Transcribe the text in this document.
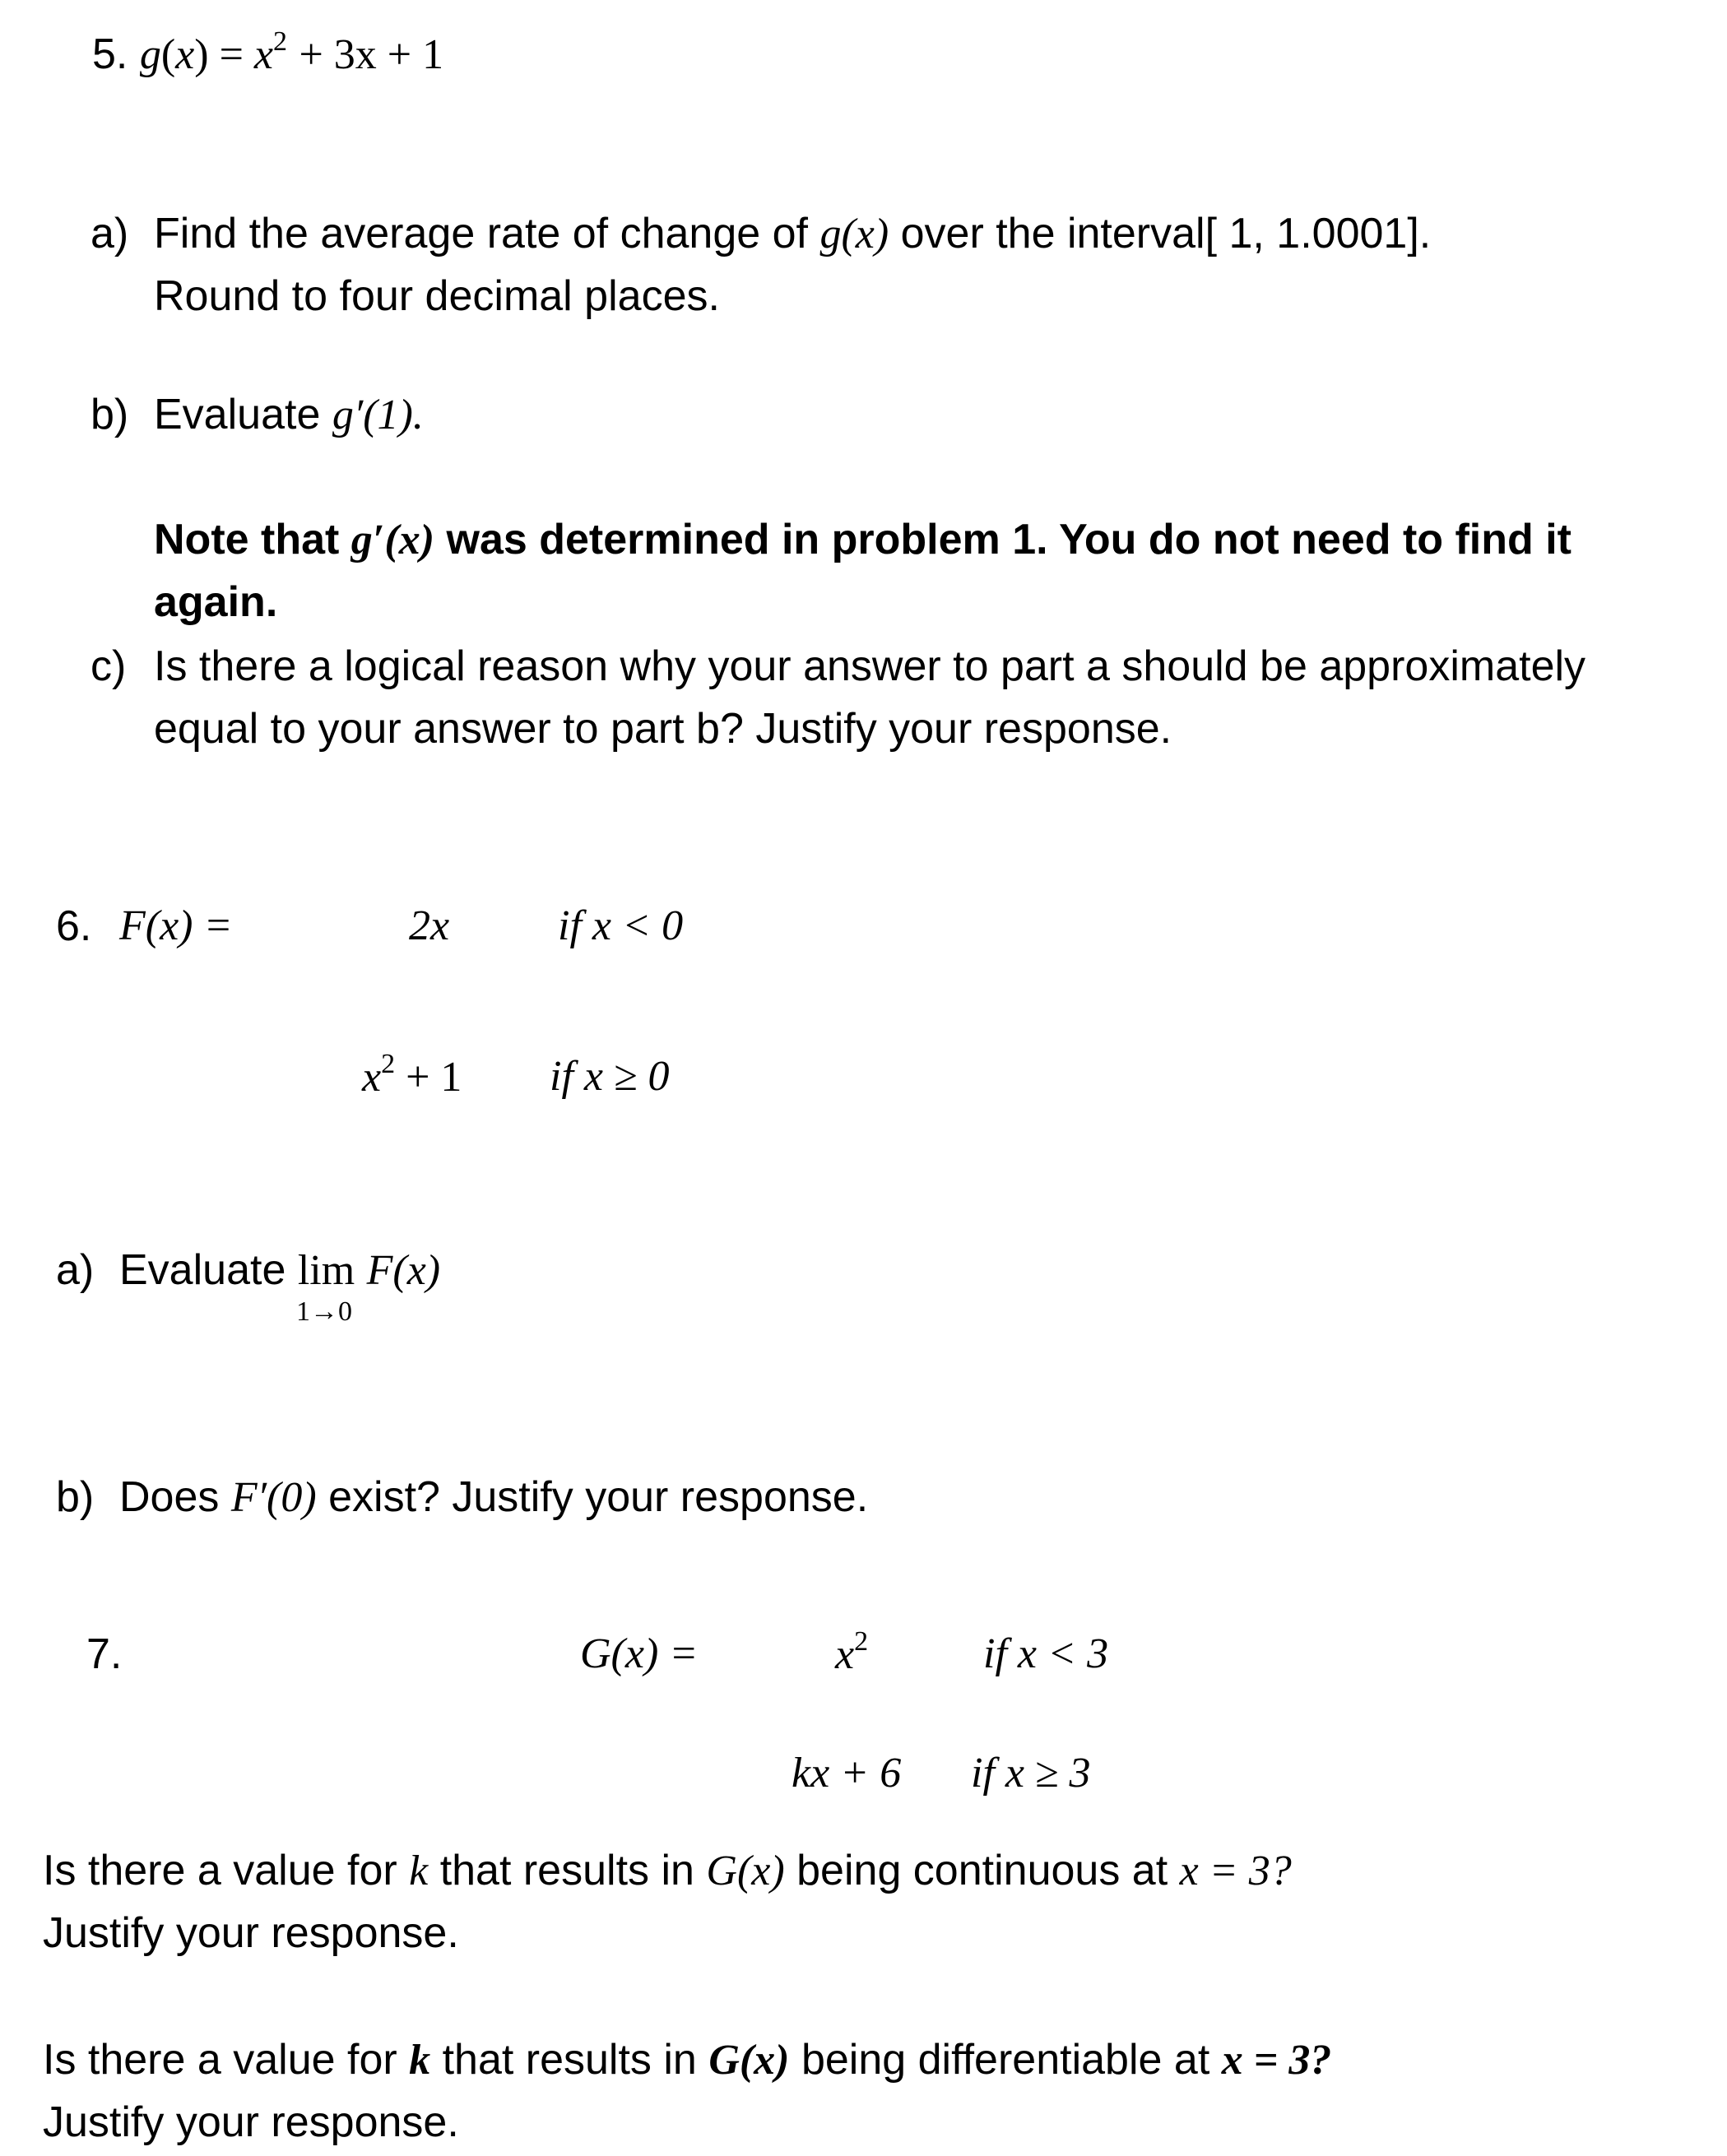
5. $g(x) = x^2 + 3x + 1$
a) Find the average rate of change of g(x) over the interval[ 1, 1.0001].
Round to four decimal places.
b) Evaluate g′(1).
Note that g′(x) was determined in problem 1. You do not need to find it
again.
c) Is there a logical reason why your answer to part a should be approximately
equal to your answer to part b? Justify your response.
6. F(x) =	2x	if x < 0
$x^2 + 1$ if x ≥ 0
a) Evaluate lim F(x)
1→0
b) Does F′(0) exist? Justify your response.
7.	G(x) =	$x^2$	if x < 3
kx + 6 if x ≥ 3
Is there a value for k that results in G(x) being continuous at x = 3?
Justify your response.
Is there a value for k that results in G(x) being differentiable at x = 3?
Justify your response.
